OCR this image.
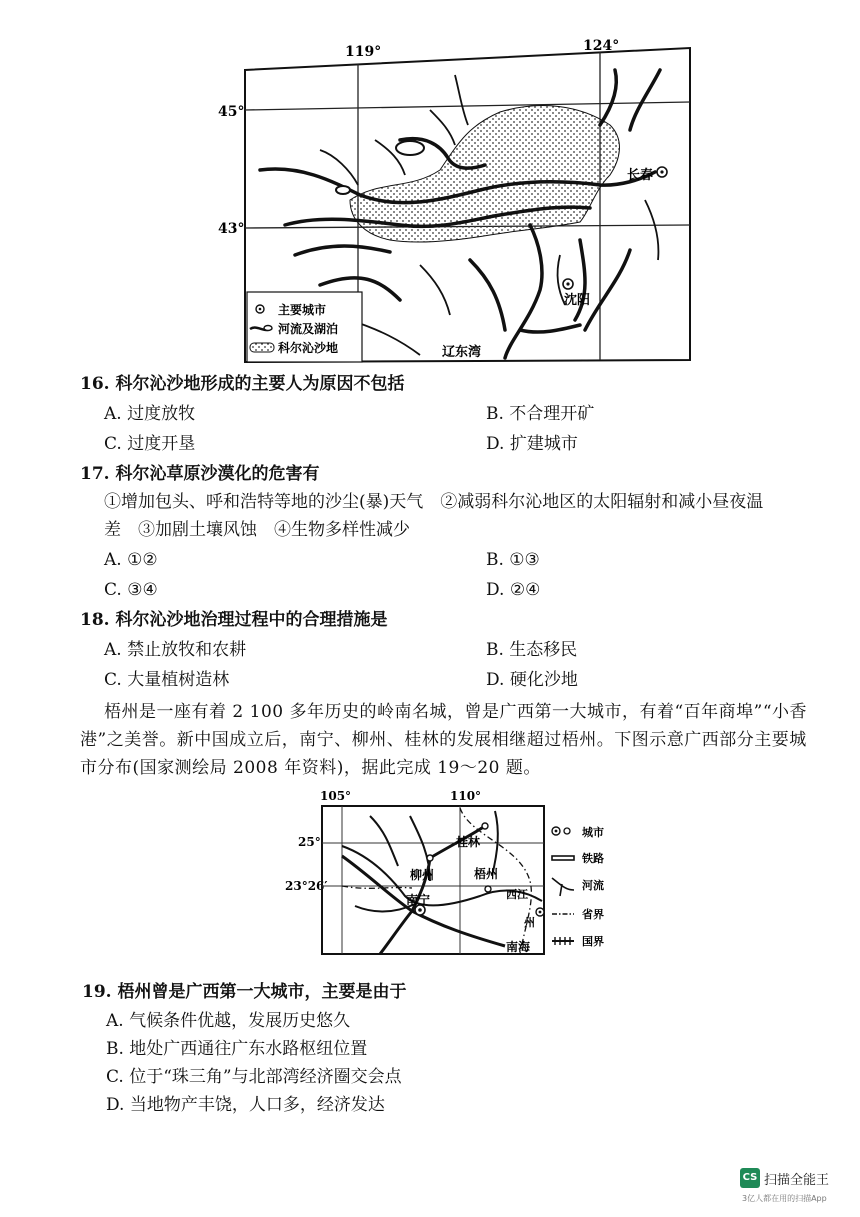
119°	124°
45°
43°
长春
沈阳
辽东湾
主要城市
河流及湖泊
科尔沁沙地
16. 科尔沁沙地形成的主要人为原因不包括
A. 过度放牧	B. 不合理开矿
C. 过度开垦	D. 扩建城市
17. 科尔沁草原沙漠化的危害有
①增加包头、呼和浩特等地的沙尘(暴)天气　②减弱科尔沁地区的太阳辐射和减小昼夜温
差　③加剧土壤风蚀　④生物多样性减少
A. ①②	B. ①③
C. ③④	D. ②④
18. 科尔沁沙地治理过程中的合理措施是
A. 禁止放牧和农耕	B. 生态移民
C. 大量植树造林	D. 硬化沙地
梧州是一座有着 2 100 多年历史的岭南名城，曾是广西第一大城市，有着“百年商埠”“小香
港”之美誉。新中国成立后，南宁、柳州、桂林的发展相继超过梧州。下图示意广西部分主要城
市分布(国家测绘局 2008 年资料)，据此完成 19～20 题。
105°	110°
25°
23°26′
桂林
柳州	梧州
南宁	西江
州
南海
城市
铁路
河流
省界
国界
19. 梧州曾是广西第一大城市，主要是由于
A. 气候条件优越，发展历史悠久
B. 地处广西通往广东水路枢纽位置
C. 位于“珠三角”与北部湾经济圈交会点
D. 当地物产丰饶，人口多，经济发达
CS 扫描全能王
3亿人都在用的扫描App
